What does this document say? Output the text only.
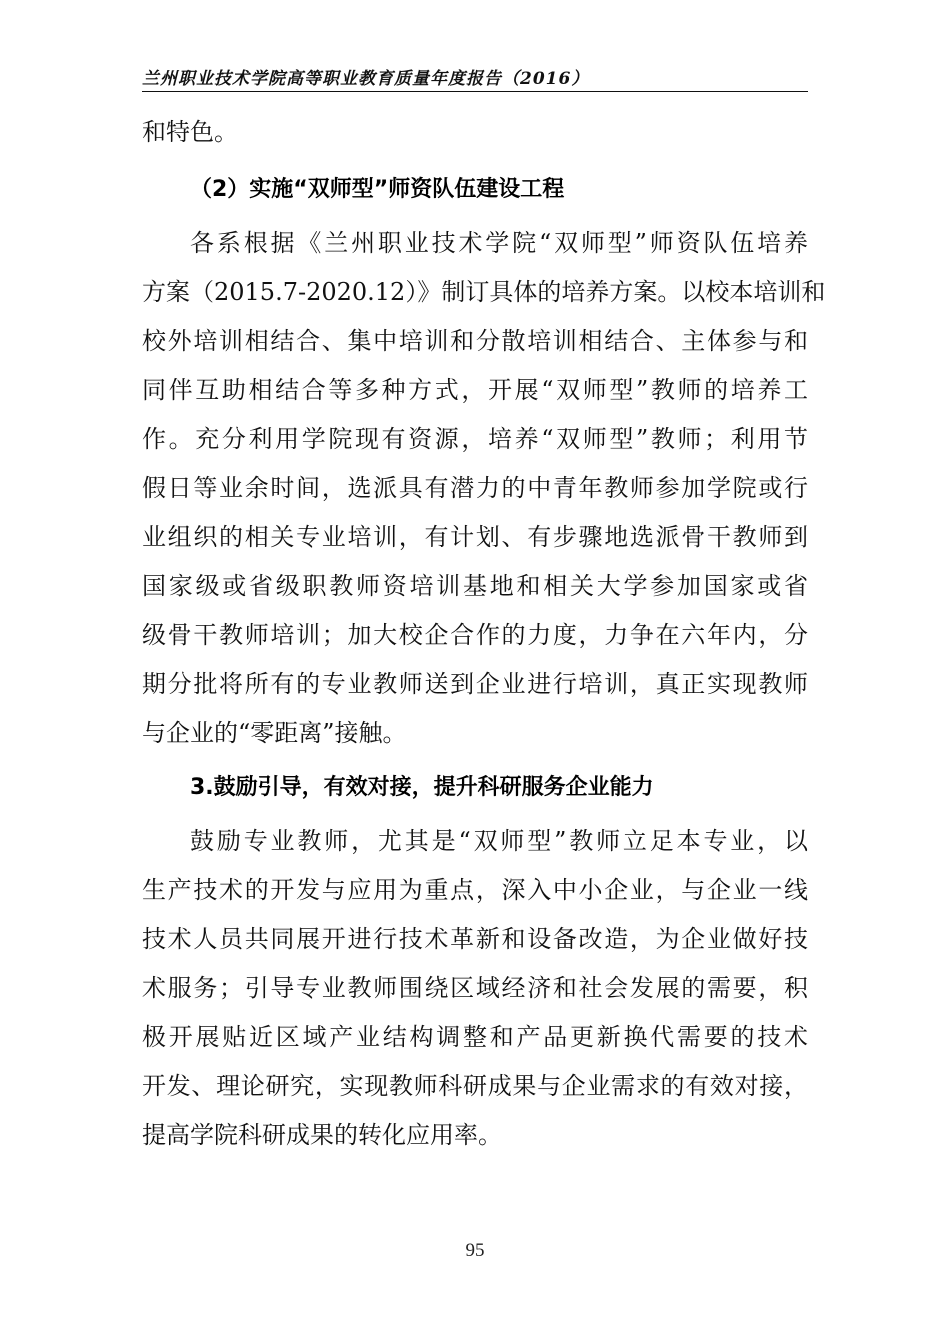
兰州职业技术学院高等职业教育质量年度报告（2016）
和特色。
（2）实施“双师型”师资队伍建设工程
各系根据《兰州职业技术学院“双师型”师资队伍培养
方案（2015.7-2020.12）》制订具体的培养方案。以校本培训和
校外培训相结合、集中培训和分散培训相结合、主体参与和
同伴互助相结合等多种方式，开展“双师型”教师的培养工
作。充分利用学院现有资源，培养“双师型”教师；利用节
假日等业余时间，选派具有潜力的中青年教师参加学院或行
业组织的相关专业培训，有计划、有步骤地选派骨干教师到
国家级或省级职教师资培训基地和相关大学参加国家或省
级骨干教师培训；加大校企合作的力度，力争在六年内，分
期分批将所有的专业教师送到企业进行培训，真正实现教师
与企业的“零距离”接触。
3.鼓励引导，有效对接，提升科研服务企业能力
鼓励专业教师，尤其是“双师型”教师立足本专业，以
生产技术的开发与应用为重点，深入中小企业，与企业一线
技术人员共同展开进行技术革新和设备改造，为企业做好技
术服务；引导专业教师围绕区域经济和社会发展的需要，积
极开展贴近区域产业结构调整和产品更新换代需要的技术
开发、理论研究，实现教师科研成果与企业需求的有效对接，
提高学院科研成果的转化应用率。
95
